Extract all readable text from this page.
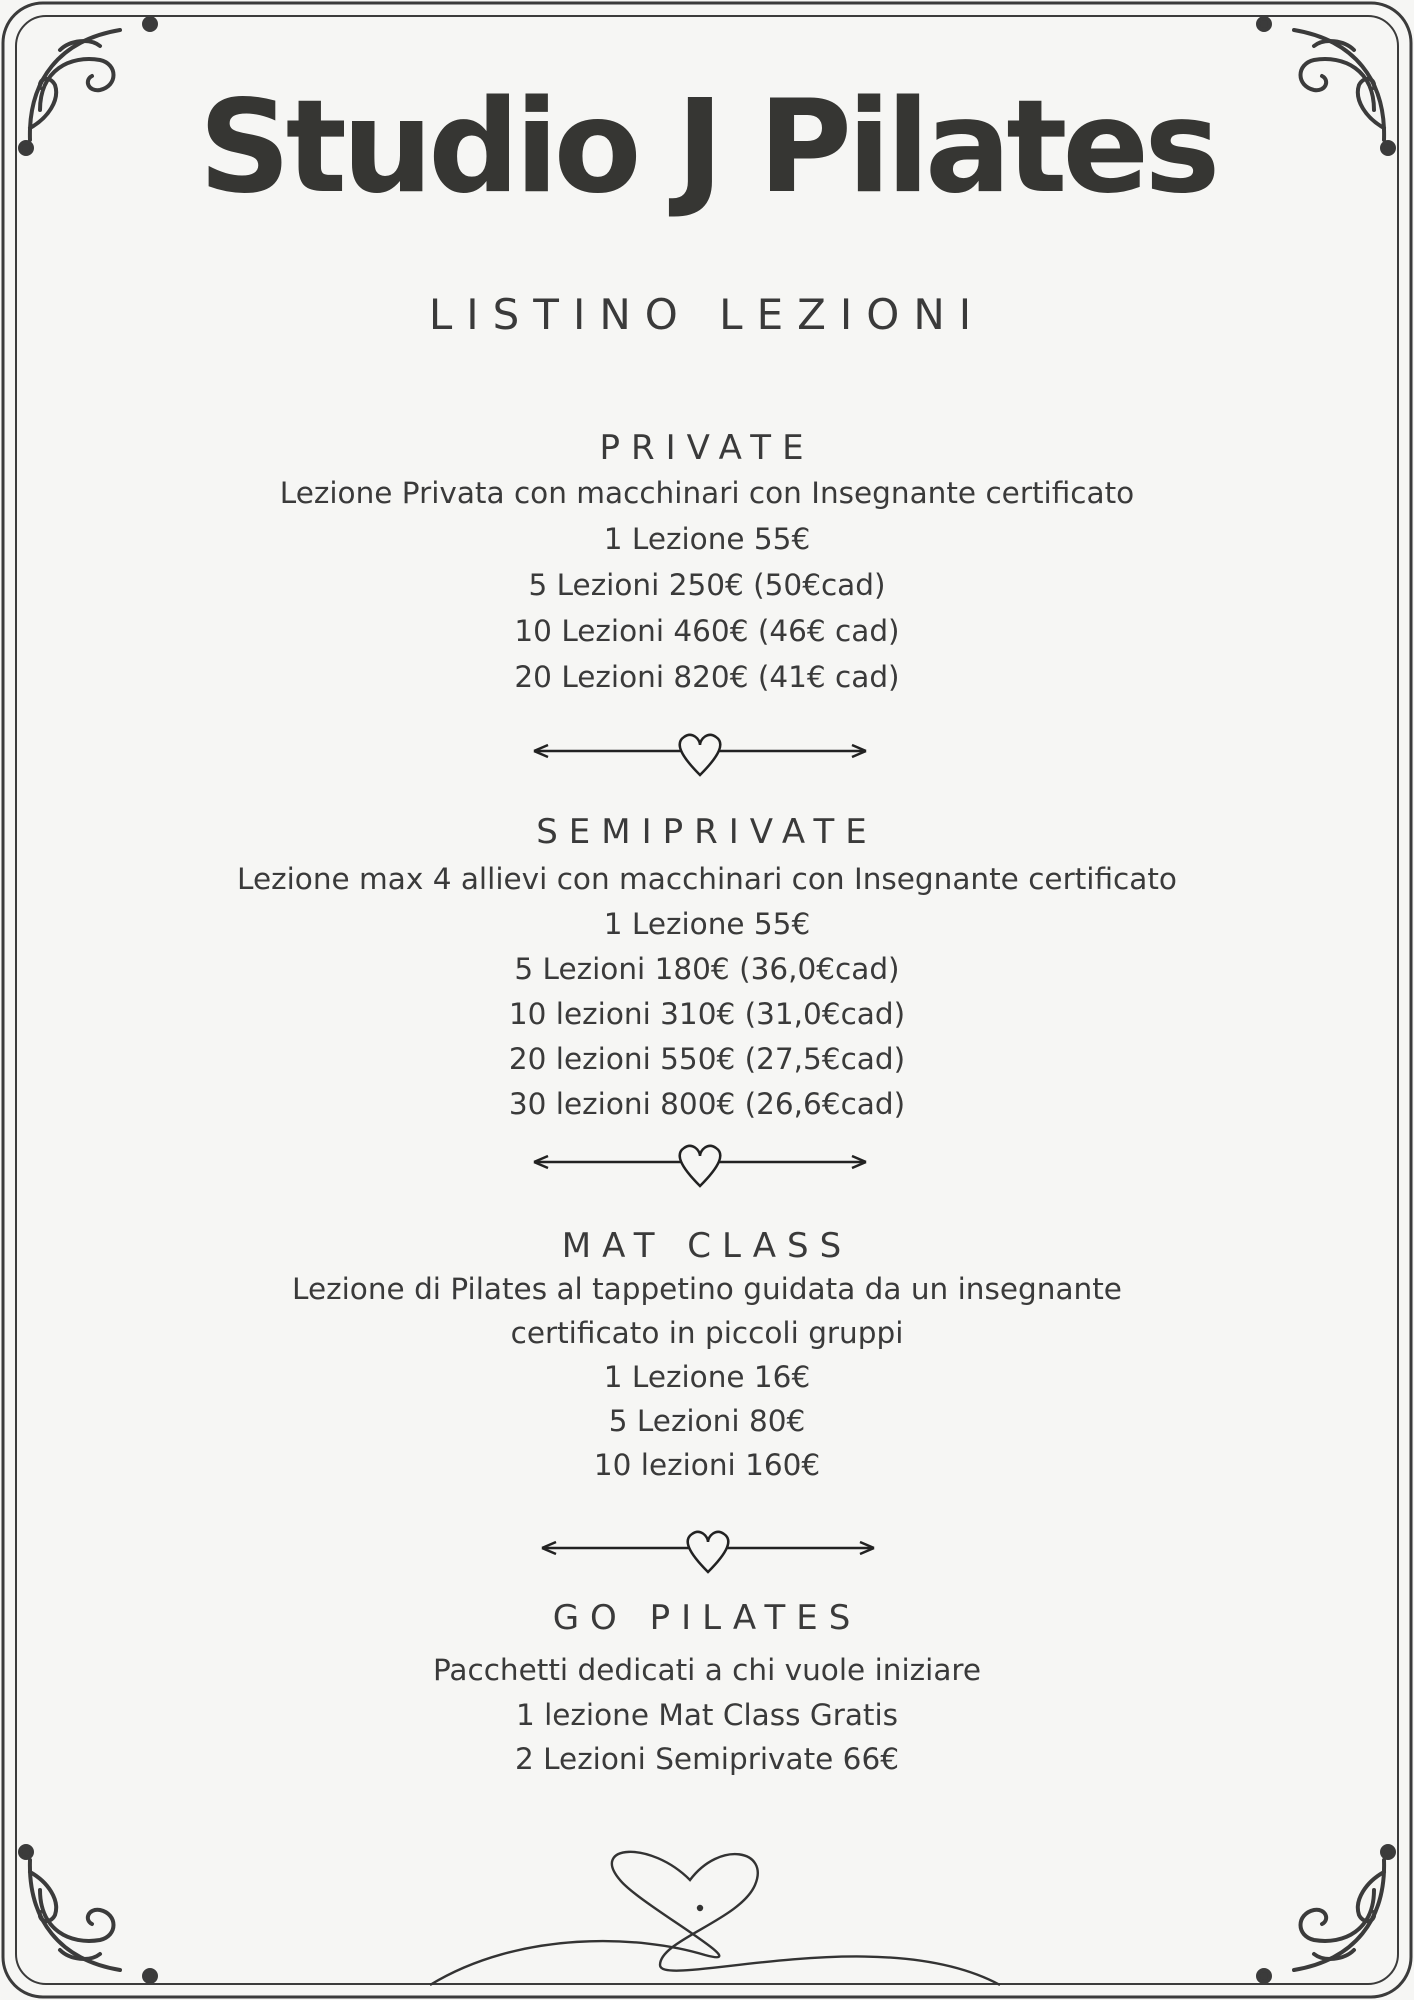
Studio J Pilates
LISTINO LEZIONI
PRIVATE
Lezione Privata con macchinari con Insegnante certificato
1 Lezione 55€
5 Lezioni 250€ (50€cad)
10 Lezioni 460€ (46€ cad)
20 Lezioni 820€ (41€ cad)
SEMIPRIVATE
Lezione max 4 allievi con macchinari con Insegnante certificato
1 Lezione 55€
5 Lezioni 180€ (36,0€cad)
10 lezioni 310€ (31,0€cad)
20 lezioni 550€ (27,5€cad)
30 lezioni 800€ (26,6€cad)
MAT CLASS
Lezione di Pilates al tappetino guidata da un insegnante
certificato in piccoli gruppi
1 Lezione 16€
5 Lezioni 80€
10 lezioni 160€
GO PILATES
Pacchetti dedicati a chi vuole iniziare
1 lezione Mat Class Gratis
2 Lezioni Semiprivate 66€
